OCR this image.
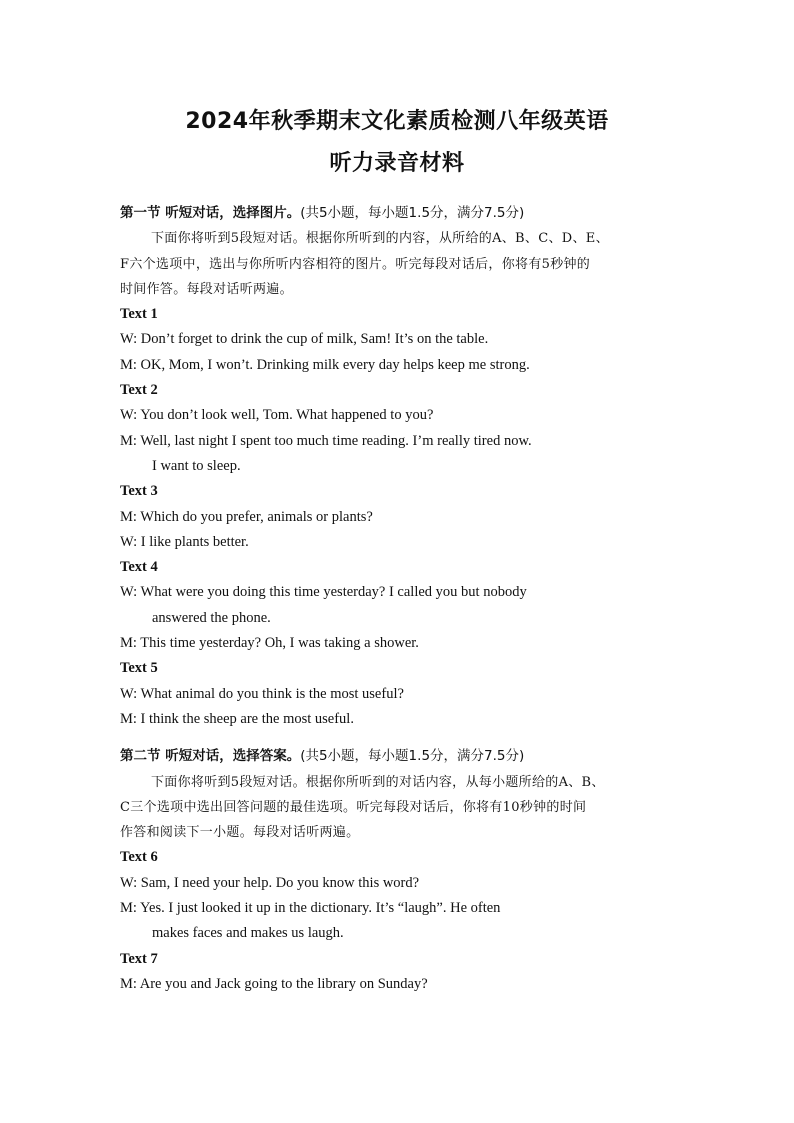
2024年秋季期末文化素质检测八年级英语
听力录音材料
第一节 听短对话，选择图片。(共5小题，每小题1.5分，满分7.5分)
下面你将听到5段短对话。根据你所听到的内容，从所给的A、B、C、D、E、
F六个选项中，选出与你所听内容相符的图片。听完每段对话后，你将有5秒钟的
时间作答。每段对话听两遍。
Text 1
W: Don’t forget to drink the cup of milk, Sam! It’s on the table.
M: OK, Mom, I won’t. Drinking milk every day helps keep me strong.
Text 2
W: You don’t look well, Tom. What happened to you?
M: Well, last night I spent too much time reading. I’m really tired now.
I want to sleep.
Text 3
M: Which do you prefer, animals or plants?
W: I like plants better.
Text 4
W: What were you doing this time yesterday? I called you but nobody
answered the phone.
M: This time yesterday? Oh, I was taking a shower.
Text 5
W: What animal do you think is the most useful?
M: I think the sheep are the most useful.
第二节 听短对话，选择答案。(共5小题，每小题1.5分，满分7.5分)
下面你将听到5段短对话。根据你所听到的对话内容，从每小题所给的A、B、
C三个选项中选出回答问题的最佳选项。听完每段对话后，你将有10秒钟的时间
作答和阅读下一小题。每段对话听两遍。
Text 6
W: Sam, I need your help. Do you know this word?
M: Yes. I just looked it up in the dictionary. It’s “laugh”. He often
makes faces and makes us laugh.
Text 7
M: Are you and Jack going to the library on Sunday?
